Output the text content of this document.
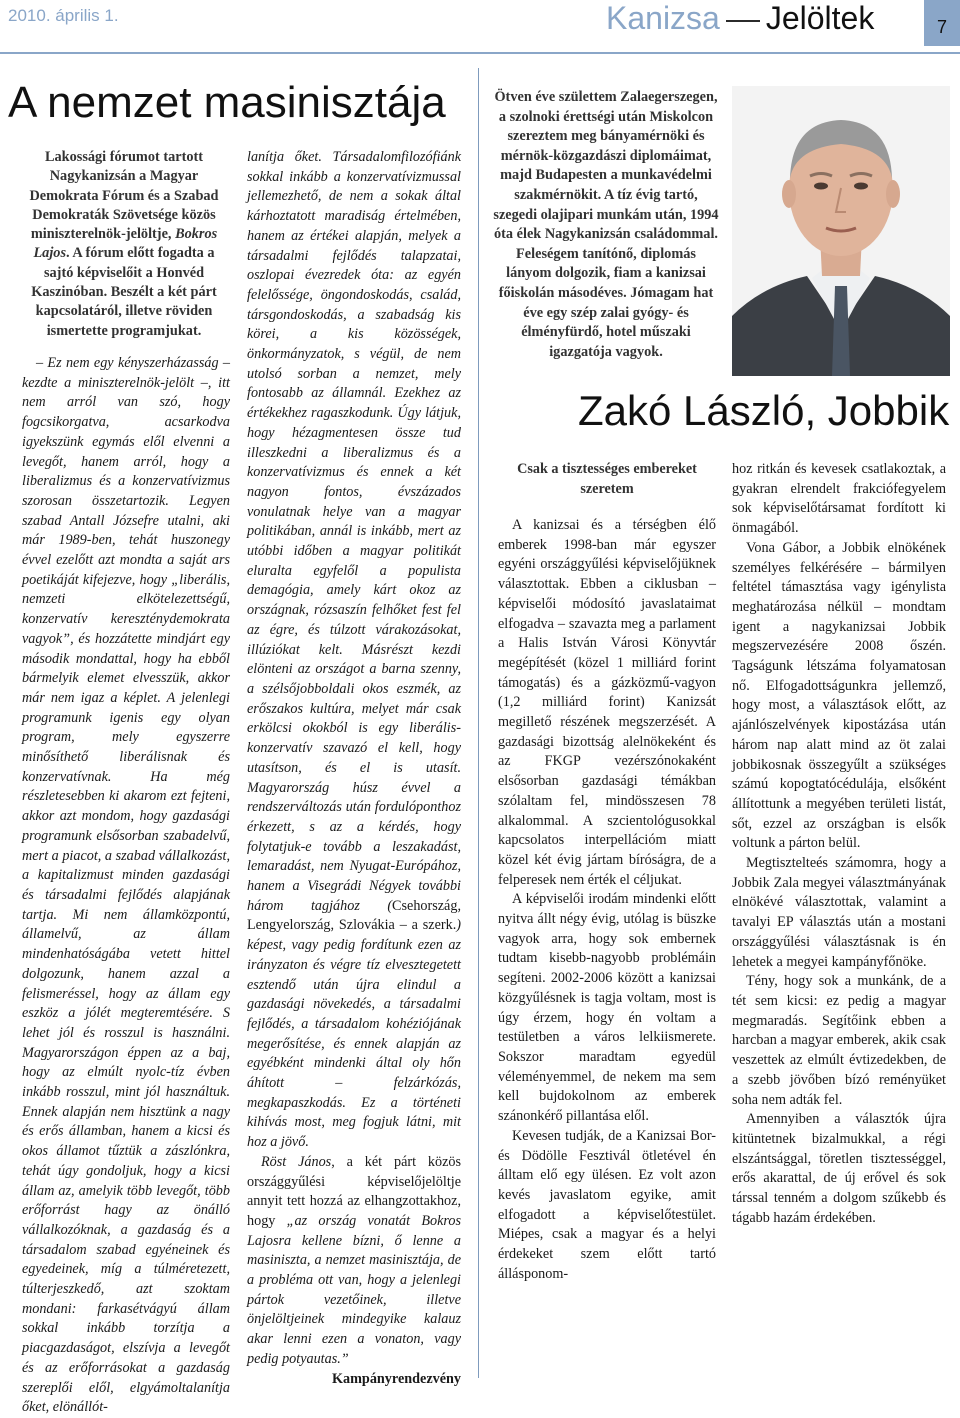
2010. április 1.	Kanizsa Jelöltek	7
A nemzet masinisztája
Lakossági fórumot tartott Nagykanizsán a Magyar Demokrata Fórum és a Szabad Demokraták Szövetsége közös miniszterelnök-jelöltje, Bokros Lajos. A fórum előtt fogadta a sajtó képviselőit a Honvéd Kaszinóban. Beszélt a két párt kapcsolatáról, illetve röviden ismertette programjukat.

– Ez nem egy kényszerházasság – kezdte a miniszterelnök-jelölt –, itt nem arról van szó, hogy fogcsikorgatva, acsarkodva igyekszünk egymás elől elvenni a levegőt, hanem arról, hogy a liberalizmus és a konzervatívizmus szorosan összetartozik. Legyen szabad Antall Józsefre utalni, aki már 1989-ben, tehát huszonegy évvel ezelőtt azt mondta a saját ars poetikáját kifejezve, hogy „liberális, nemzeti elkötelezettségű, konzervatív kereszténydemokrata vagyok”, és hozzátette mindjárt egy második mondattal, hogy ha ebből bármelyik elemet elvesszük, akkor már nem igaz a képlet. A jelenlegi programunk igenis egy olyan program, mely egyszerre minősíthető liberálisnak és konzervatívnak. Ha még részletesebben ki akarom ezt fejteni, akkor azt mondom, hogy gazdasági programunk elsősorban szabadelvű, mert a piacot, a szabad vállalkozást, a kapitalizmust minden gazdasági és társadalmi fejlődés alapjának tartja. Mi nem államközpontú, államelvű, az állam mindenhatóságába vetett hittel dolgozunk, hanem azzal a felismeréssel, hogy az állam egy eszköz a jólét megteremtésére. S lehet jól és rosszul is használni. Magyarországon éppen az a baj, hogy az elmúlt nyolc-tíz évben inkább rosszul, mint jól használtuk. Ennek alapján nem hisztünk a nagy és erős államban, hanem a kicsi és okos államot tűztük a zászlónkra, tehát úgy gondoljuk, hogy a kicsi állam az, amelyik több levegőt, több erőforrást hagy az önálló vállalkozóknak, a gazdaság és a társadalom szabad egyéneinek és egyedeinek, míg a túlméretezett, túlterjeszkedő, azt szoktam mondani: farkasétvágyú állam sokkal inkább torzítja a piacgazdaságot, elszívja a levegőt és az erőforrásokat a gazdaság szereplői elől, elgyámoltalanítja őket, elönállót-

lanítja őket. Társadalomfilozófiánk sokkal inkább a konzervatívizmussal jellemezhető, de nem a sokak által kárhoztatott maradiság értelmében, hanem az értékei alapján, melyek a társadalmi fejlődés talapzatai, oszlopai évezredek óta: az egyén felelőssége, öngondoskodás, család, társgondoskodás, a szabadság kis körei, a kis közösségek, önkormányzatok, s végül, de nem utolsó sorban a nemzet, mely fontosabb az államnál. Ezekhez az értékekhez ragaszkodunk. Úgy látjuk, hogy hézagmentesen össze tud illeszkedni a liberalizmus és a konzervatívizmus és ennek a két nagyon fontos, évszázados vonulatnak helye van a magyar politikában, annál is inkább, mert az utóbbi időben a magyar politikát eluralta egyfelől a populista demagógia, amely kárt okoz az országnak, rózsaszín felhőket fest fel az égre, és túlzott várakozásokat, illúziókat kelt. Másrészt kezdi elönteni az országot a barna szenny, a szélsőjobboldali okos eszmék, az erőszakos kultúra, melyet már csak erkölcsi okokból is egy liberális-konzervatív szavazó el kell, hogy utasítson, és el is utasít. Magyarország húsz évvel a rendszerváltozás után fordulóponthoz érkezett, s az a kérdés, hogy folytatjuk-e tovább a leszakadást, lemaradást, nem Nyugat-Európához, hanem a Visegrádi Négyek további három tagjához (Csehország, Lengyelország, Szlovákia – a szerk.) képest, vagy pedig fordítunk ezen az irányzaton és végre tíz elvesztegetett esztendő után újra elindul a gazdasági növekedés, a társadalmi fejlődés, a társadalom kohéziójának megerősítése, és ennek alapján az egyébként mindenki által oly hőn áhított – felzárkózás, megkapaszkodás. Ez a történeti kihívás most, meg fogjuk látni, mit hoz a jövő.

Röst János, a két párt közös országgyűlési képviselőjelöltje annyit tett hozzá az elhangzottakhoz, hogy „az ország vonatát Bokros Lajosra kellene bízni, ő lenne a masiniszta, a nemzet masinisztája, de a probléma ott van, hogy a jelenlegi pártok vezetőinek, illetve önjelöltjeinek mindegyike kalauz akar lenni ezen a vonaton, vagy pedig potyautas.”

Kampányrendezvény

Ötven éve születtem Zalaegerszegen, a szolnoki érettségi után Miskolcon szereztem meg bányamérnöki és mérnök-közgazdászi diplomáimat, majd Budapesten a munkavédelmi szakmérnökit. A tíz évig tartó, szegedi olajipari munkám után, 1994 óta élek Nagykanizsán családommal. Feleségem tanítónő, diplomás lányom dolgozik, fiam a kanizsai főiskolán másodéves. Jómagam hat éve egy szép zalai gyógy- és élményfürdő, hotel műszaki igazgatója vagyok.
Zakó László, Jobbik
Csak a tisztességes embereket szeretem

A kanizsai és a térségben élő emberek 1998-ban már egyszer egyéni országgyűlési képviselőjüknek választottak. Ebben a ciklusban – képviselői módosító javaslataimat elfogadva – szavazta meg a parlament a Halis István Városi Könyvtár megépítését (közel 1 milliárd forint támogatás) és a gázközmű-vagyon (1,2 milliárd forint) Kanizsát megillető részének megszerzését. A gazdasági bizottság alelnökeként és az FKGP vezérszónokaként elsősorban gazdasági témákban szólaltam fel, mindösszesen 78 alkalommal. A szcientológusokkal kapcsolatos interpellációm miatt közel két évig jártam bíróságra, de a felperesek nem érték el céljukat.

A képviselői irodám mindenki előtt nyitva állt négy évig, utólag is büszke vagyok arra, hogy sok embernek tudtam kisebb-nagyobb problémáin segíteni. 2002-2006 között a kanizsai közgyűlésnek is tagja voltam, most is úgy érzem, hogy én voltam a testületben a város lelkiismerete. Sokszor maradtam egyedül véleményemmel, de nekem ma sem kell bujdokolnom az emberek szánonkérő pillantása elől.

Kevesen tudják, de a Kanizsai Bor- és Dödölle Fesztivál ötletével én álltam elő egy ülésen. Ez volt azon kevés javaslatom egyike, amit elfogadott a képviselőtestület. Miépes, csak a magyar és a helyi érdekeket szem előtt tartó állásponom-

hoz ritkán és kevesek csatlakoztak, a gyakran elrendelt frakciófegyelem sok képviselőtársamat fordított ki önmagából.

Vona Gábor, a Jobbik elnökének személyes felkérésére – bármilyen feltétel támasztása vagy igénylista meghatározása nélkül – mondtam igent a nagykanizsai Jobbik megszervezésére 2008 őszén. Tagságunk létszáma folyamatosan nő. Elfogadottságunkra jellemző, hogy most, a választások előtt, az ajánlószelvények kipostázása után három nap alatt mind az öt zalai jobbikosnak összegyűlt a szükséges számú kopogtatócédulája, elsőként állítottunk a megyében területi listát, sőt, ezzel az országban is elsők voltunk a párton belül.

Megtisztelteés számomra, hogy a Jobbik Zala megyei választmányának elnökévé választottak, valamint a tavalyi EP választás után a mostani országgyűlési választásnak is én lehetek a megyei kampányfőnöke.

Tény, hogy sok a munkánk, de a tét sem kicsi: ez pedig a magyar megmaradás. Segítőink ebben a harcban a magyar emberek, akik csak veszettek az elmúlt évtizedekben, de a szebb jövőben bízó reményüket soha nem adták fel.

Amennyiben a választók újra kitüntetnek bizalmukkal, a régi elszántsággal, töretlen tisztességgel, erős akarattal, de új erővel és sok társsal tenném a dolgom szűkebb és tágabb hazám érdekében.
